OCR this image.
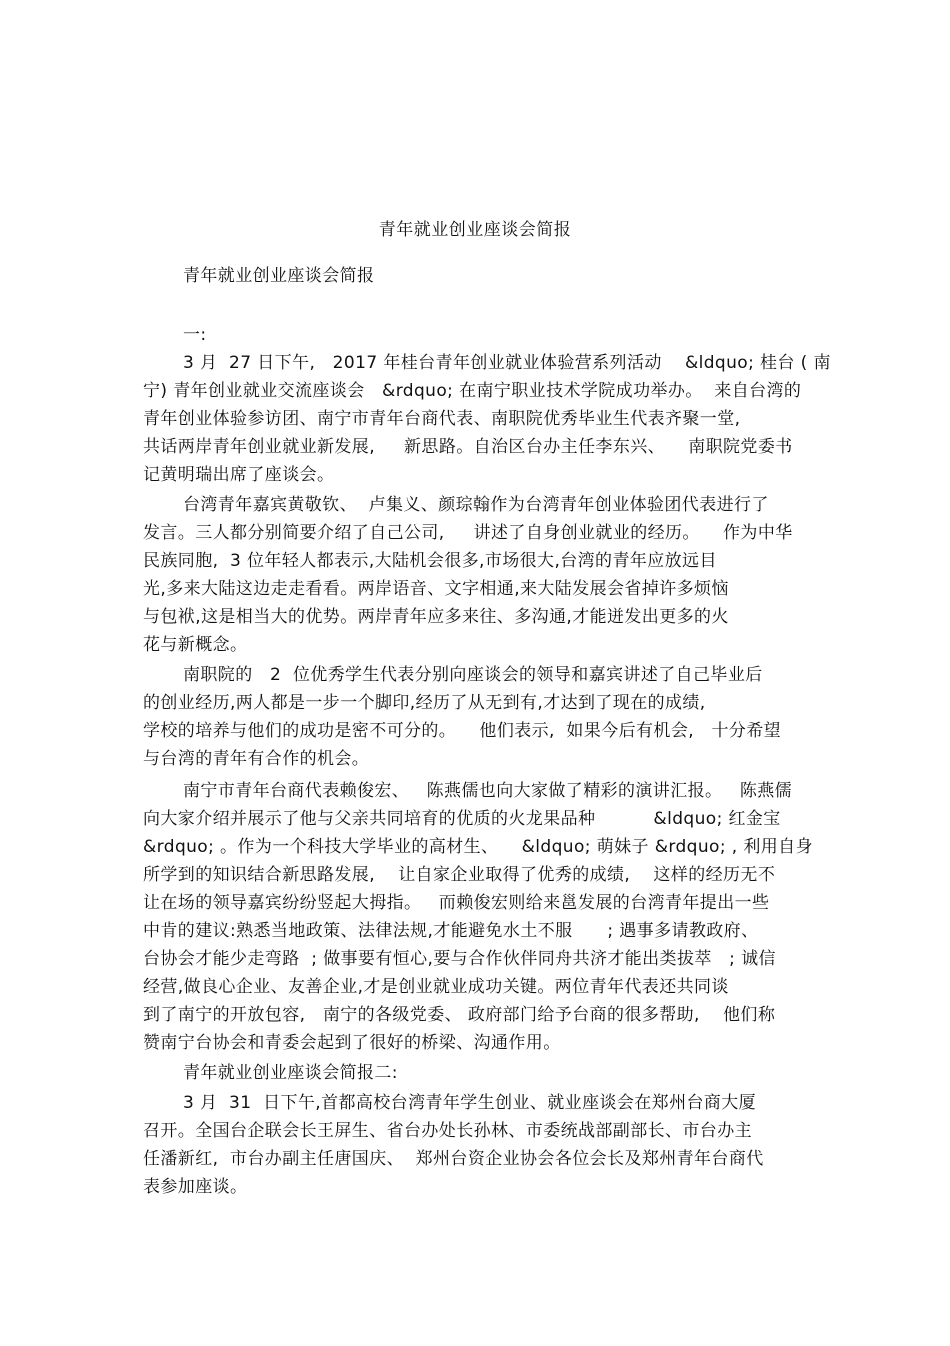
青年就业创业座谈会简报
青年就业创业座谈会简报
一:
3 月  27 日下午,   2017 年桂台青年创业就业体验营系列活动    &ldquo; 桂台 ( 南
宁) 青年创业就业交流座谈会   &rdquo; 在南宁职业技术学院成功举办。  来自台湾的
青年创业体验参访团、南宁市青年台商代表、南职院优秀毕业生代表齐聚一堂,
共话两岸青年创业就业新发展,     新思路。自治区台办主任李东兴、    南职院党委书
记黄明瑞出席了座谈会。
台湾青年嘉宾黄敬钦、  卢集义、颜琮翰作为台湾青年创业体验团代表进行了
发言。三人都分别简要介绍了自己公司,     讲述了自身创业就业的经历。    作为中华
民族同胞,  3 位年轻人都表示,大陆机会很多,市场很大,台湾的青年应放远目
光,多来大陆这边走走看看。两岸语音、文字相通,来大陆发展会省掉许多烦恼
与包袱,这是相当大的优势。两岸青年应多来往、多沟通,才能迸发出更多的火
花与新概念。
南职院的   2  位优秀学生代表分别向座谈会的领导和嘉宾讲述了自己毕业后
的创业经历,两人都是一步一个脚印,经历了从无到有,才达到了现在的成绩,
学校的培养与他们的成功是密不可分的。    他们表示,  如果今后有机会,   十分希望
与台湾的青年有合作的机会。
南宁市青年台商代表赖俊宏、   陈燕儒也向大家做了精彩的演讲汇报。   陈燕儒
向大家介绍并展示了他与父亲共同培育的优质的火龙果品种          &ldquo; 红金宝
&rdquo; 。作为一个科技大学毕业的高材生、    &ldquo; 萌妹子 &rdquo; , 利用自身
所学到的知识结合新思路发展,    让自家企业取得了优秀的成绩,    这样的经历无不
让在场的领导嘉宾纷纷竖起大拇指。   而赖俊宏则给来邕发展的台湾青年提出一些
中肯的建议:熟悉当地政策、法律法规,才能避免水土不服      ; 遇事多请教政府、
台协会才能少走弯路  ; 做事要有恒心,要与合作伙伴同舟共济才能出类拔萃   ; 诚信
经营,做良心企业、友善企业,才是创业就业成功关键。两位青年代表还共同谈
到了南宁的开放包容,   南宁的各级党委、 政府部门给予台商的很多帮助,    他们称
赞南宁台协会和青委会起到了很好的桥梁、沟通作用。
青年就业创业座谈会简报二:
3 月  31  日下午,首都高校台湾青年学生创业、就业座谈会在郑州台商大厦
召开。全国台企联会长王屏生、省台办处长孙林、市委统战部副部长、市台办主
任潘新红,  市台办副主任唐国庆、  郑州台资企业协会各位会长及郑州青年台商代
表参加座谈。
